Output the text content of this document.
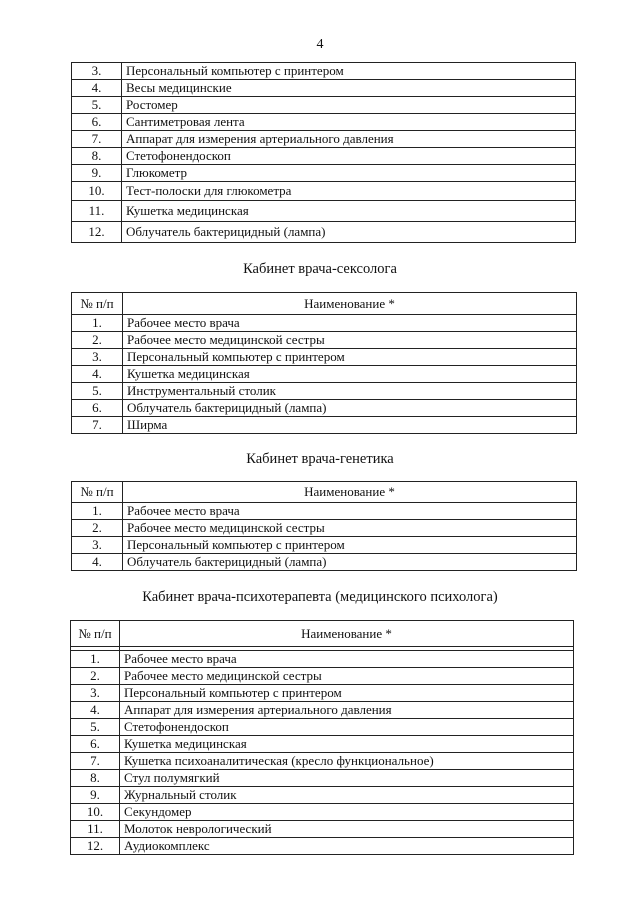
4
3.	Персональный компьютер с принтером
4.	Весы медицинские
5.	Ростомер
6.	Сантиметровая лента
7.	Аппарат для измерения артериального давления
8.	Стетофонендоскоп
9.	Глюкометр
10.	Тест-полоски для глюкометра
11.	Кушетка медицинская
12.	Облучатель бактерицидный (лампа)
Кабинет врача-сексолога
№ п/п	Наименование *
1.	Рабочее место врача
2.	Рабочее место медицинской сестры
3.	Персональный компьютер с принтером
4.	Кушетка медицинская
5.	Инструментальный столик
6.	Облучатель бактерицидный (лампа)
7.	Ширма
Кабинет врача-генетика
№ п/п	Наименование *
1.	Рабочее место врача
2.	Рабочее место медицинской сестры
3.	Персональный компьютер с принтером
4.	Облучатель бактерицидный (лампа)
Кабинет врача-психотерапевта (медицинского психолога)
№ п/п	Наименование *

1.	Рабочее место врача
2.	Рабочее место медицинской сестры
3.	Персональный компьютер с принтером
4.	Аппарат для измерения артериального давления
5.	Стетофонендоскоп
6.	Кушетка медицинская
7.	Кушетка психоаналитическая (кресло функциональное)
8.	Стул полумягкий
9.	Журнальный столик
10.	Секундомер
11.	Молоток неврологический
12.	Аудиокомплекс
